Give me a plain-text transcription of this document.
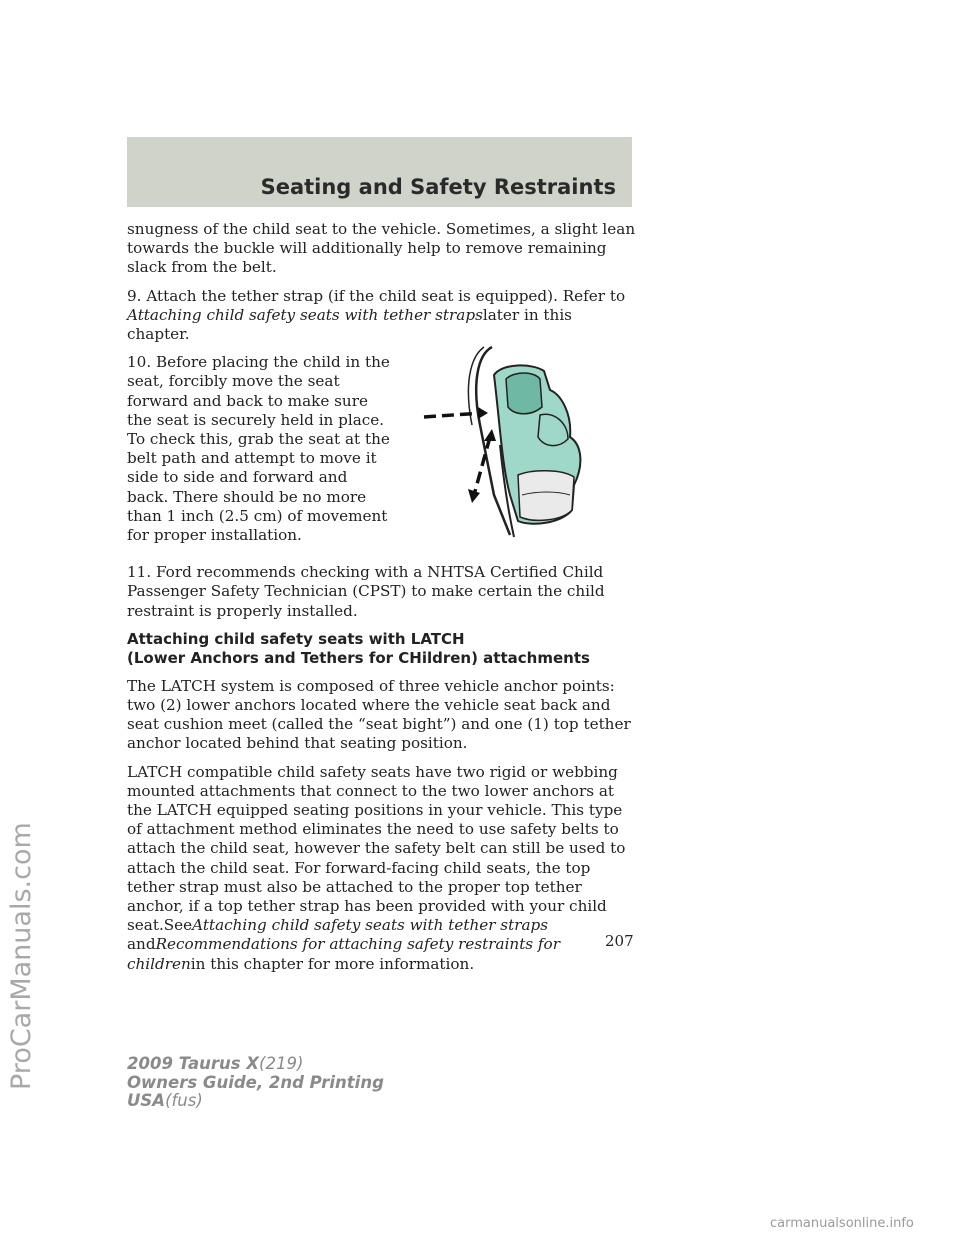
Seating and Safety Restraints

snugness of the child seat to the vehicle. Sometimes, a slight lean towards the buckle will additionally help to remove remaining slack from the belt.

9. Attach the tether strap (if the child seat is equipped). Refer to Attaching child safety seats with tether strapslater in this chapter.

10. Before placing the child in the seat, forcibly move the seat forward and back to make sure the seat is securely held in place. To check this, grab the seat at the belt path and attempt to move it side to side and forward and back. There should be no more than 1 inch (2.5 cm) of movement for proper installation.

11. Ford recommends checking with a NHTSA Certified Child Passenger Safety Technician (CPST) to make certain the child restraint is properly installed.

Attaching child safety seats with LATCH
(Lower Anchors and Tethers for CHildren) attachments

The LATCH system is composed of three vehicle anchor points: two (2) lower anchors located where the vehicle seat back and seat cushion meet (called the “seat bight”) and one (1) top tether anchor located behind that seating position.

LATCH compatible child safety seats have two rigid or webbing mounted attachments that connect to the two lower anchors at the LATCH equipped seating positions in your vehicle. This type of attachment method eliminates the need to use safety belts to attach the child seat, however the safety belt can still be used to attach the child seat. For forward-facing child seats, the top tether strap must also be attached to the proper top tether anchor, if a top tether strap has been provided with your child seat.SeeAttaching child safety seats with tether straps andRecommendations for attaching safety restraints for childrenin this chapter for more information.

207
2009 Taurus X(219)
Owners Guide, 2nd Printing
USA(fus)
ProCarManuals.com
carmanualsonline.info
